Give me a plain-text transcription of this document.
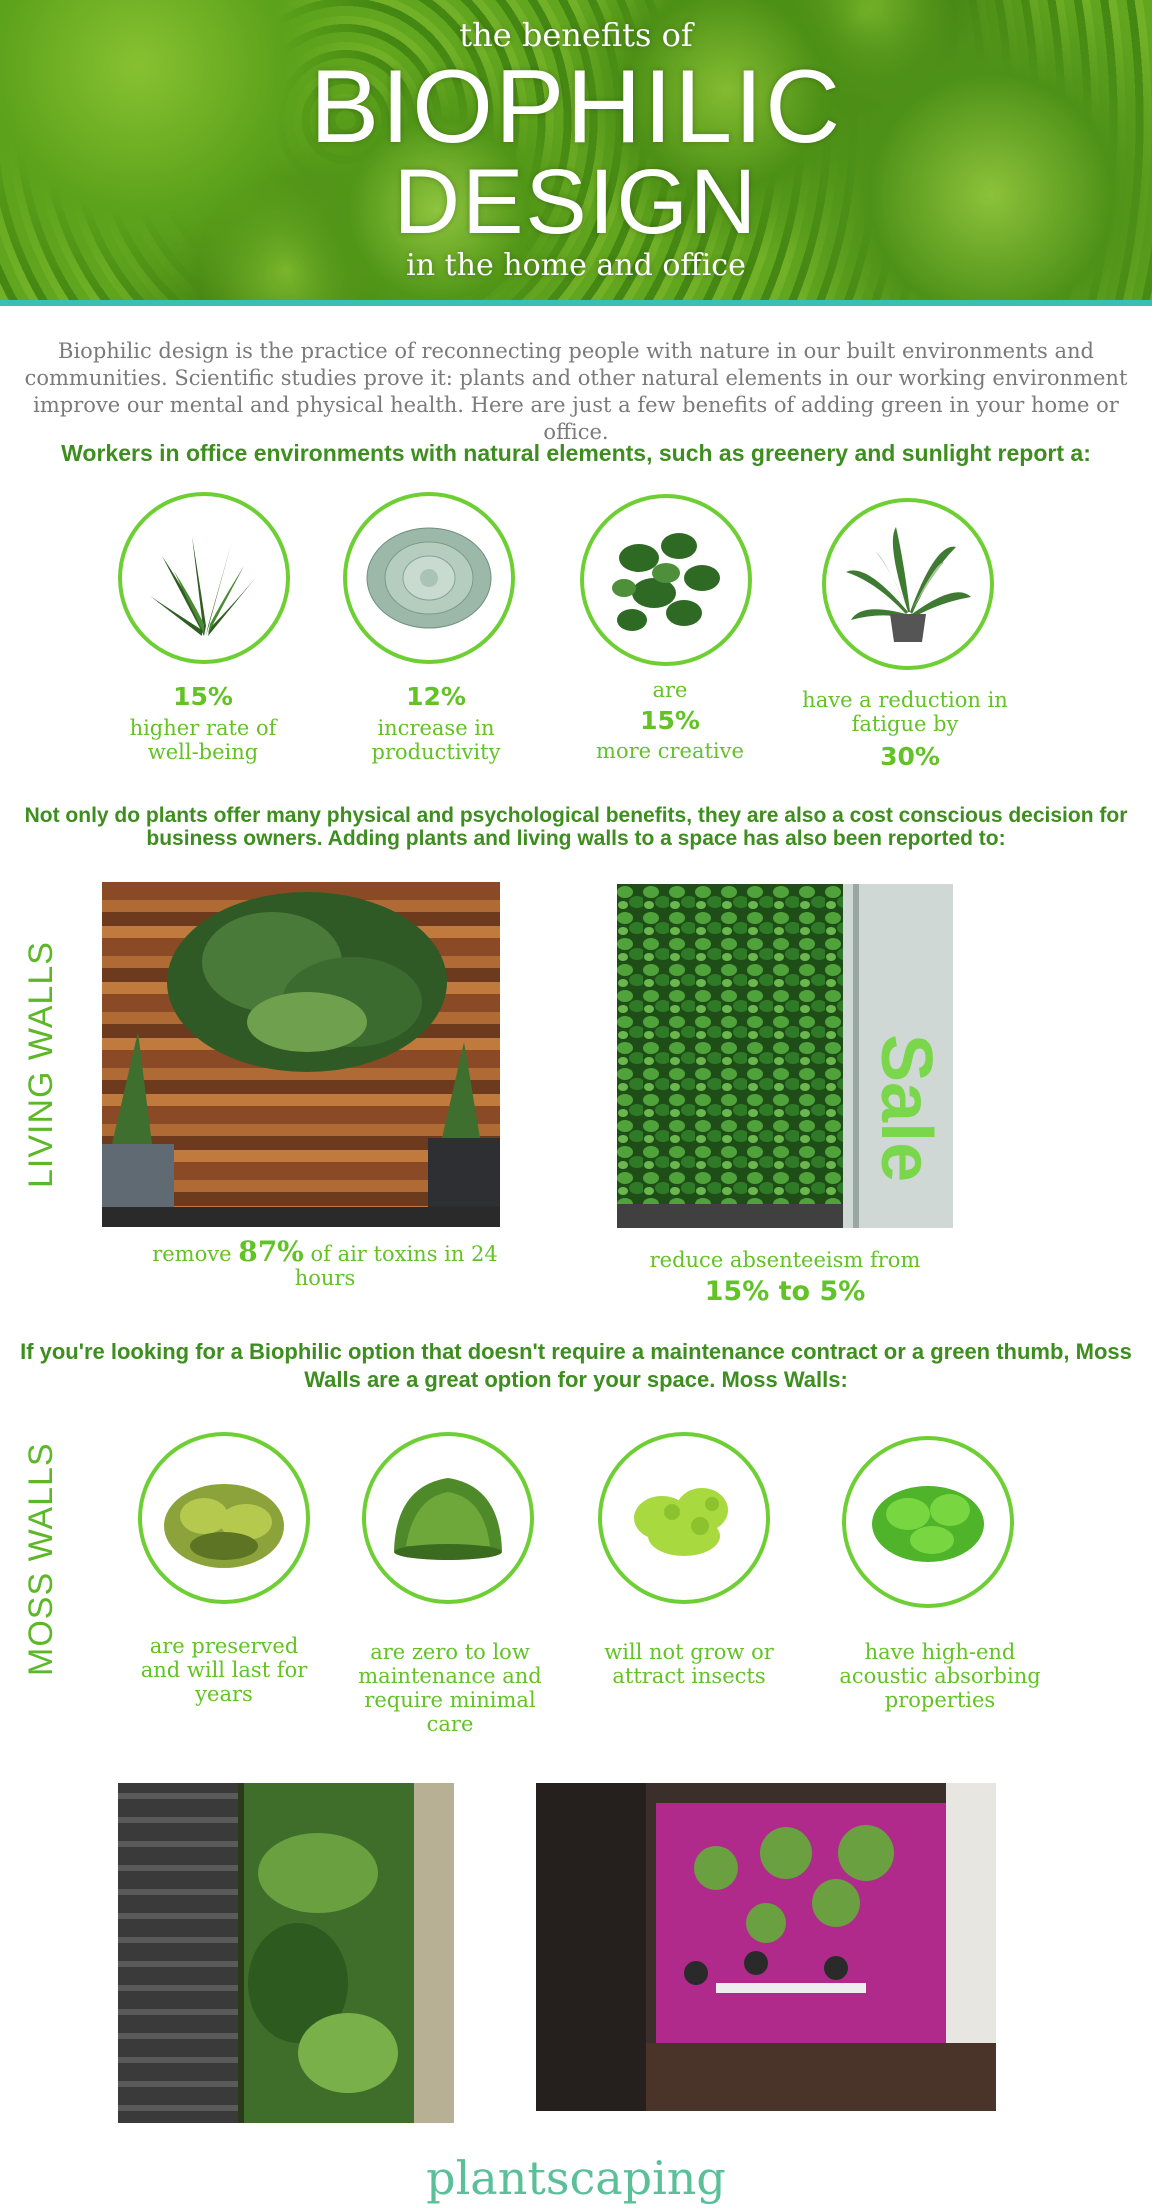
the benefits of
BIOPHILIC
DESIGN
in the home and office
Biophilic design is the practice of reconnecting people with nature in our built environments and communities. Scientific studies prove it: plants and other natural elements in our working environment improve our mental and physical health. Here are just a few benefits of adding green in your home or office.
Workers in office environments with natural elements, such as greenery and sunlight report a:
15%
higher rate of well-being
12%
increase in productivity
are
15%
more creative
have a reduction in fatigue by
30%
Not only do plants offer many physical and psychological benefits, they are also a cost conscious decision for business owners. Adding plants and living walls to a space has also been reported to:
LIVING WALLS	Sale
remove 87% of air toxins in 24 hours
reduce absenteeism from
15% to 5%
If you're looking for a Biophilic option that doesn't require a maintenance contract or a green thumb, Moss Walls are a great option for your space. Moss Walls:
MOSS WALLS	are preserved and will last for years
are zero to low maintenance and require minimal care
will not grow or attract insects
have high-end acoustic absorbing properties
plantscaping
